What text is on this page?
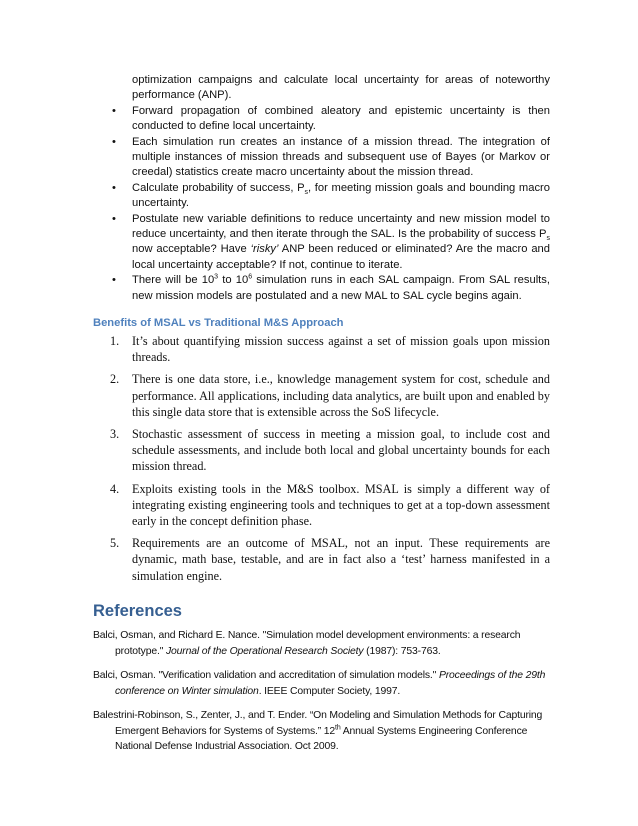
optimization campaigns and calculate local uncertainty for areas of noteworthy performance (ANP).
• Forward propagation of combined aleatory and epistemic uncertainty is then conducted to define local uncertainty.
• Each simulation run creates an instance of a mission thread. The integration of multiple instances of mission threads and subsequent use of Bayes (or Markov or creedal) statistics create macro uncertainty about the mission thread.
• Calculate probability of success, $P_s$, for meeting mission goals and bounding macro uncertainty.
• Postulate new variable definitions to reduce uncertainty and new mission model to reduce uncertainty, and then iterate through the SAL. Is the probability of success $P_s$ now acceptable? Have ‘risky’ ANP been reduced or eliminated? Are the macro and local uncertainty acceptable? If not, continue to iterate.
• There will be $10^3$ to $10^6$ simulation runs in each SAL campaign. From SAL results, new mission models are postulated and a new MAL to SAL cycle begins again.
Benefits of MSAL vs Traditional M&S Approach
1. It’s about quantifying mission success against a set of mission goals upon mission threads.
2. There is one data store, i.e., knowledge management system for cost, schedule and performance. All applications, including data analytics, are built upon and enabled by this single data store that is extensible across the SoS lifecycle.
3. Stochastic assessment of success in meeting a mission goal, to include cost and schedule assessments, and include both local and global uncertainty bounds for each mission thread.
4. Exploits existing tools in the M&S toolbox. MSAL is simply a different way of integrating existing engineering tools and techniques to get at a top-down assessment early in the concept definition phase.
5. Requirements are an outcome of MSAL, not an input. These requirements are dynamic, math base, testable, and are in fact also a ‘test’ harness manifested in a simulation engine.
References
Balci, Osman, and Richard E. Nance. "Simulation model development environments: a research prototype." Journal of the Operational Research Society (1987): 753-763.
Balci, Osman. "Verification validation and accreditation of simulation models." Proceedings of the 29th conference on Winter simulation. IEEE Computer Society, 1997.
Balestrini-Robinson, S., Zenter, J., and T. Ender. “On Modeling and Simulation Methods for Capturing Emergent Behaviors for Systems of Systems.” 12th Annual Systems Engineering Conference National Defense Industrial Association. Oct 2009.
